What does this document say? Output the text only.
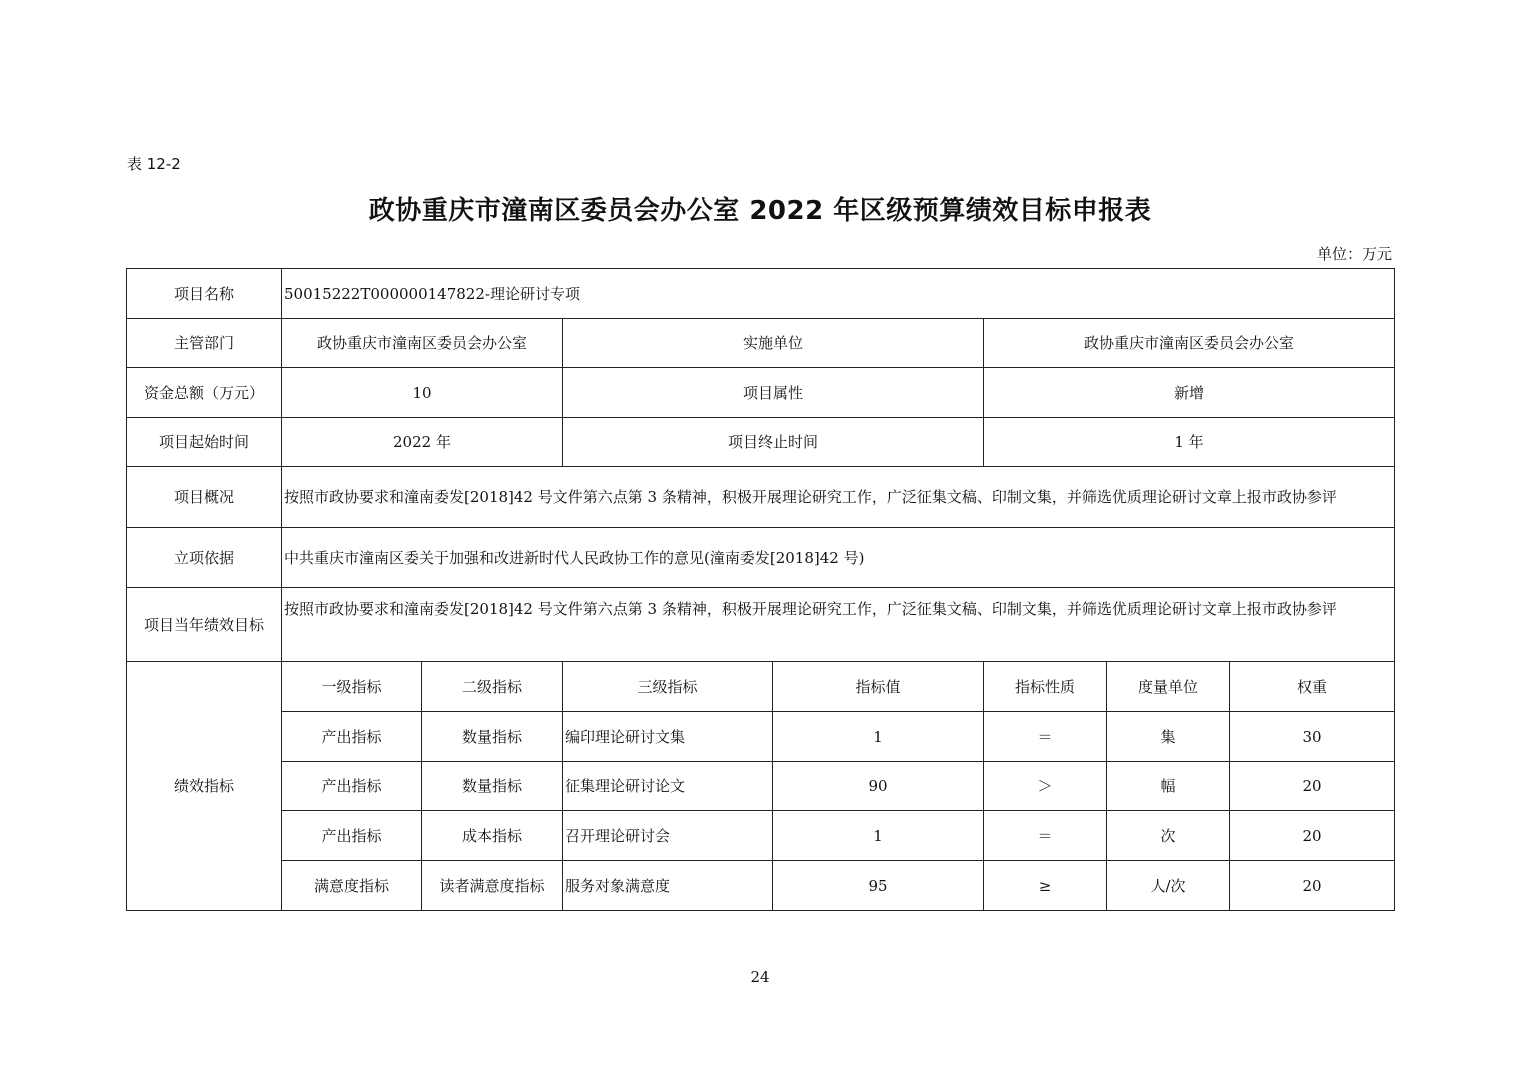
表 12-2
政协重庆市潼南区委员会办公室 2022 年区级预算绩效目标申报表
单位：万元
项目名称	50015222T000000147822-理论研讨专项						
主管部门	政协重庆市潼南区委员会办公室		实施单位		政协重庆市潼南区委员会办公室		
资金总额（万元）	10		项目属性		新增		
项目起始时间	2022 年		项目终止时间		1 年		
项目概况	按照市政协要求和潼南委发[2018]42 号文件第六点第 3 条精神，积极开展理论研究工作，广泛征集文稿、印制文集，并筛选优质理论研讨文章上报市政协参评						
立项依据	中共重庆市潼南区委关于加强和改进新时代人民政协工作的意见(潼南委发[2018]42 号)						
项目当年绩效目标	按照市政协要求和潼南委发[2018]42 号文件第六点第 3 条精神，积极开展理论研究工作，广泛征集文稿、印制文集，并筛选优质理论研讨文章上报市政协参评						
绩效指标	一级指标	二级指标	三级指标	指标值	指标性质	度量单位	权重
	产出指标	数量指标	编印理论研讨文集	1	＝	集	30
	产出指标	数量指标	征集理论研讨论文	90	＞	幅	20
	产出指标	成本指标	召开理论研讨会	1	＝	次	20
	满意度指标	读者满意度指标	服务对象满意度	95	≥	人/次	20
24
